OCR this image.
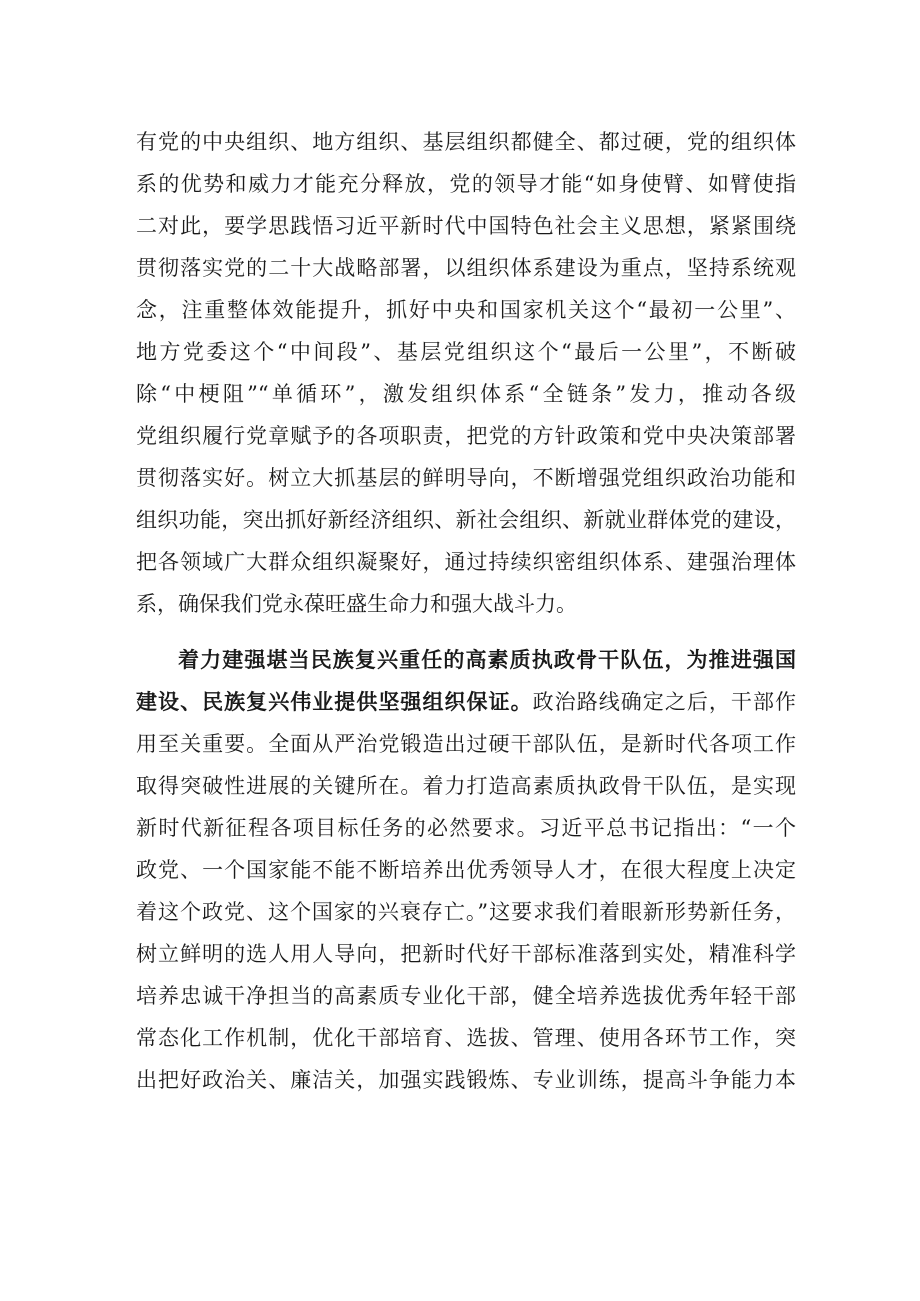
有党的中央组织、地方组织、基层组织都健全、都过硬，党的组织体
系的优势和威力才能充分释放，党的领导才能“如身使臂、如臂使指
二对此，要学思践悟习近平新时代中国特色社会主义思想，紧紧围绕
贯彻落实党的二十大战略部署，以组织体系建设为重点，坚持系统观
念，注重整体效能提升，抓好中央和国家机关这个“最初一公里”、
地方党委这个“中间段”、基层党组织这个“最后一公里”，不断破
除“中梗阻”“单循环”，激发组织体系“全链条”发力，推动各级
党组织履行党章赋予的各项职责，把党的方针政策和党中央决策部署
贯彻落实好。树立大抓基层的鲜明导向，不断增强党组织政治功能和
组织功能，突出抓好新经济组织、新社会组织、新就业群体党的建设，
把各领域广大群众组织凝聚好，通过持续织密组织体系、建强治理体
系，确保我们党永葆旺盛生命力和强大战斗力。
着力建强堪当民族复兴重任的高素质执政骨干队伍，为推进强国
建设、民族复兴伟业提供坚强组织保证。政治路线确定之后，干部作
用至关重要。全面从严治党锻造出过硬干部队伍，是新时代各项工作
取得突破性进展的关键所在。着力打造高素质执政骨干队伍，是实现
新时代新征程各项目标任务的必然要求。习近平总书记指出：“一个
政党、一个国家能不能不断培养出优秀领导人才，在很大程度上决定
着这个政党、这个国家的兴衰存亡。”这要求我们着眼新形势新任务，
树立鲜明的选人用人导向，把新时代好干部标准落到实处，精准科学
培养忠诚干净担当的高素质专业化干部，健全培养选拔优秀年轻干部
常态化工作机制，优化干部培育、选拔、管理、使用各环节工作，突
出把好政治关、廉洁关，加强实践锻炼、专业训练，提高斗争能力本
